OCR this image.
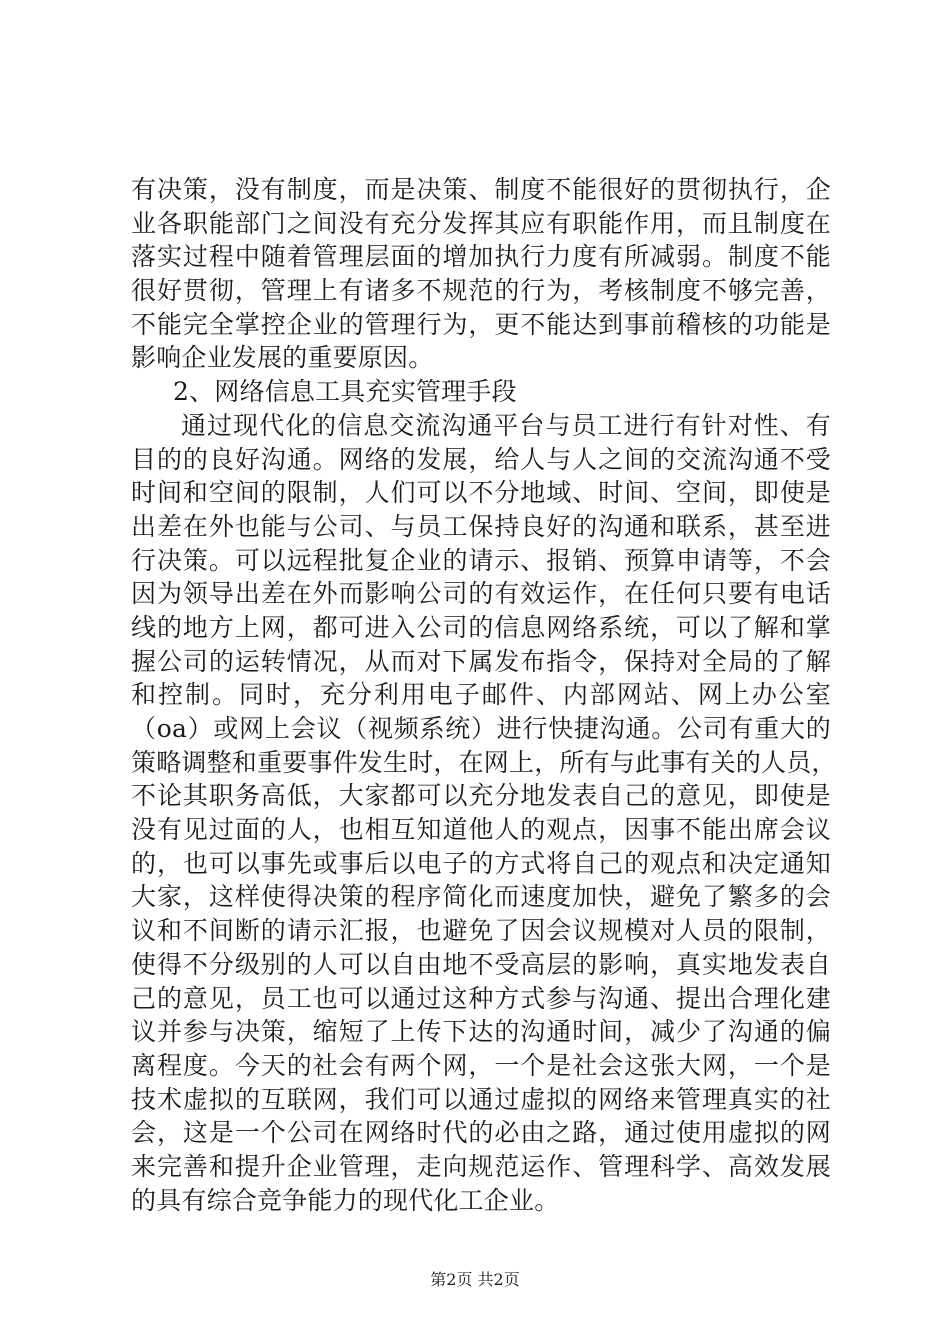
有决策，没有制度，而是决策、制度不能很好的贯彻执行，企
业各职能部门之间没有充分发挥其应有职能作用，而且制度在
落实过程中随着管理层面的增加执行力度有所减弱。制度不能
很好贯彻，管理上有诸多不规范的行为，考核制度不够完善，
不能完全掌控企业的管理行为，更不能达到事前稽核的功能是
影响企业发展的重要原因。
2、网络信息工具充实管理手段
通过现代化的信息交流沟通平台与员工进行有针对性、有
目的的良好沟通。网络的发展，给人与人之间的交流沟通不受
时间和空间的限制，人们可以不分地域、时间、空间，即使是
出差在外也能与公司、与员工保持良好的沟通和联系，甚至进
行决策。可以远程批复企业的请示、报销、预算申请等，不会
因为领导出差在外而影响公司的有效运作，在任何只要有电话
线的地方上网，都可进入公司的信息网络系统，可以了解和掌
握公司的运转情况，从而对下属发布指令，保持对全局的了解
和控制。同时，充分利用电子邮件、内部网站、网上办公室
（oa）或网上会议（视频系统）进行快捷沟通。公司有重大的
策略调整和重要事件发生时，在网上，所有与此事有关的人员，
不论其职务高低，大家都可以充分地发表自己的意见，即使是
没有见过面的人，也相互知道他人的观点，因事不能出席会议
的，也可以事先或事后以电子的方式将自己的观点和决定通知
大家，这样使得决策的程序简化而速度加快，避免了繁多的会
议和不间断的请示汇报，也避免了因会议规模对人员的限制，
使得不分级别的人可以自由地不受高层的影响，真实地发表自
己的意见，员工也可以通过这种方式参与沟通、提出合理化建
议并参与决策，缩短了上传下达的沟通时间，减少了沟通的偏
离程度。今天的社会有两个网，一个是社会这张大网，一个是
技术虚拟的互联网，我们可以通过虚拟的网络来管理真实的社
会，这是一个公司在网络时代的必由之路，通过使用虚拟的网
来完善和提升企业管理，走向规范运作、管理科学、高效发展
的具有综合竞争能力的现代化工企业。
第2页 共2页
